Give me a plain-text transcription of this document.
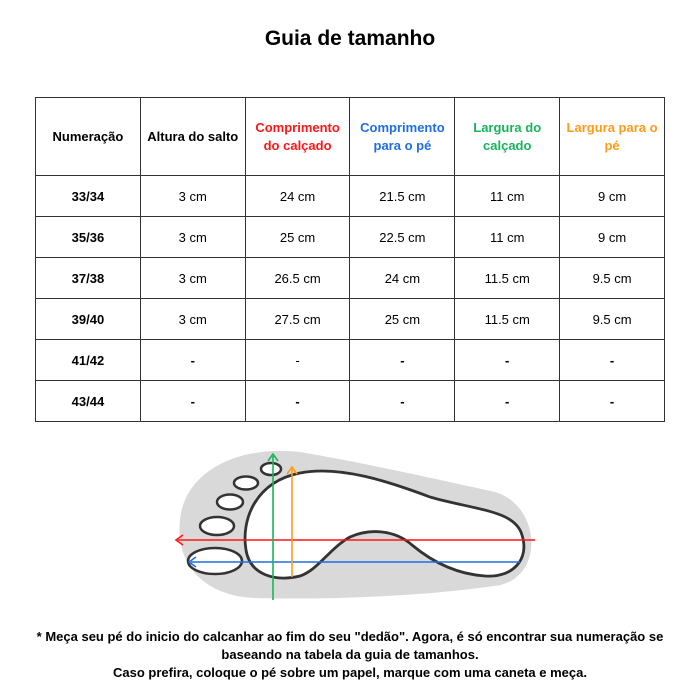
Guia de tamanho
Numeração	Altura do salto	Comprimento do calçado	Comprimento para o pé	Largura do calçado	Largura para o pé
33/34	3 cm	24 cm	21.5 cm	11 cm	9 cm
35/36	3 cm	25 cm	22.5 cm	11 cm	9 cm
37/38	3 cm	26.5 cm	24 cm	11.5 cm	9.5 cm
39/40	3 cm	27.5 cm	25 cm	11.5 cm	9.5 cm
41/42	-	-	-	-	-
43/44	-	-	-	-	-
* Meça seu pé do inicio do calcanhar ao fim do seu "dedão". Agora, é só encontrar sua numeração se
baseando na tabela da guia de tamanhos.
Caso prefira, coloque o pé sobre um papel, marque com uma caneta e meça.
